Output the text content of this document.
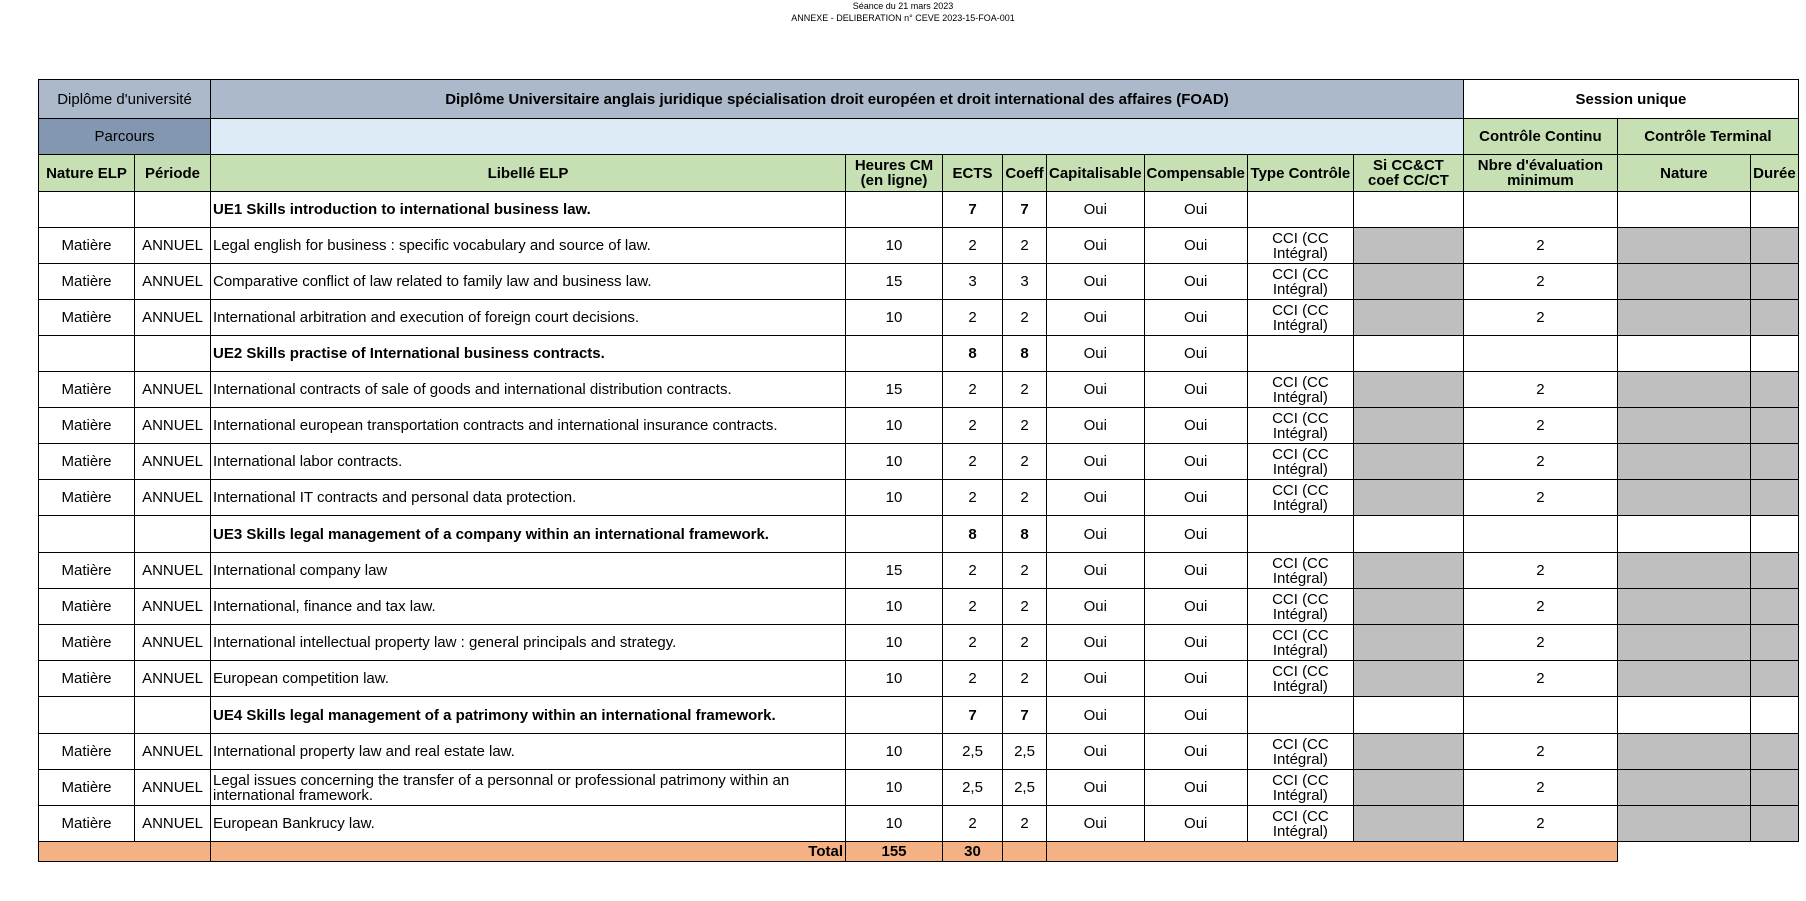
Séance du 21 mars 2023
ANNEXE - DELIBERATION n° CEVE 2023-15-FOA-001
Diplôme d'université		Diplôme Universitaire anglais juridique spécialisation droit européen et droit international des affaires (FOAD)								Session unique		
Parcours										Contrôle Continu	Contrôle Terminal	
Nature ELP	Période	Libellé ELP	Heures CM (en ligne)	ECTS	Coeff	Capitalisable	Compensable	Type Contrôle	Si CC&CT coef CC/CT	Nbre d'évaluation minimum	Nature	Durée
		UE1 Skills introduction to international business law.		7	7	Oui	Oui					
Matière	ANNUEL	Legal english for business : specific vocabulary and source of law.	10	2	2	Oui	Oui	CCI (CC Intégral)		2		
Matière	ANNUEL	Comparative conflict of law related to family law and business law.	15	3	3	Oui	Oui	CCI (CC Intégral)		2		
Matière	ANNUEL	International arbitration and execution of foreign court decisions.	10	2	2	Oui	Oui	CCI (CC Intégral)		2		
		UE2 Skills practise of International business contracts.		8	8	Oui	Oui					
Matière	ANNUEL	International contracts of sale of goods and international distribution contracts.	15	2	2	Oui	Oui	CCI (CC Intégral)		2		
Matière	ANNUEL	International european transportation contracts and international insurance contracts.	10	2	2	Oui	Oui	CCI (CC Intégral)		2		
Matière	ANNUEL	International labor contracts.	10	2	2	Oui	Oui	CCI (CC Intégral)		2		
Matière	ANNUEL	International IT contracts and personal data protection.	10	2	2	Oui	Oui	CCI (CC Intégral)		2		
		UE3 Skills legal management of a company within an international framework.		8	8	Oui	Oui					
Matière	ANNUEL	International company law	15	2	2	Oui	Oui	CCI (CC Intégral)		2		
Matière	ANNUEL	International, finance and tax law.	10	2	2	Oui	Oui	CCI (CC Intégral)		2		
Matière	ANNUEL	International intellectual property law : general principals and strategy.	10	2	2	Oui	Oui	CCI (CC Intégral)		2		
Matière	ANNUEL	European competition law.	10	2	2	Oui	Oui	CCI (CC Intégral)		2		
		UE4 Skills legal management of a patrimony within an international framework.		7	7	Oui	Oui					
Matière	ANNUEL	International property law and real estate law.	10	2,5	2,5	Oui	Oui	CCI (CC Intégral)		2		
Matière	ANNUEL	Legal issues concerning the transfer of a personnal or professional patrimony within an international framework.	10	2,5	2,5	Oui	Oui	CCI (CC Intégral)		2		
Matière	ANNUEL	European Bankrucy law.	10	2	2	Oui	Oui	CCI (CC Intégral)		2		
		Total	155	30								
